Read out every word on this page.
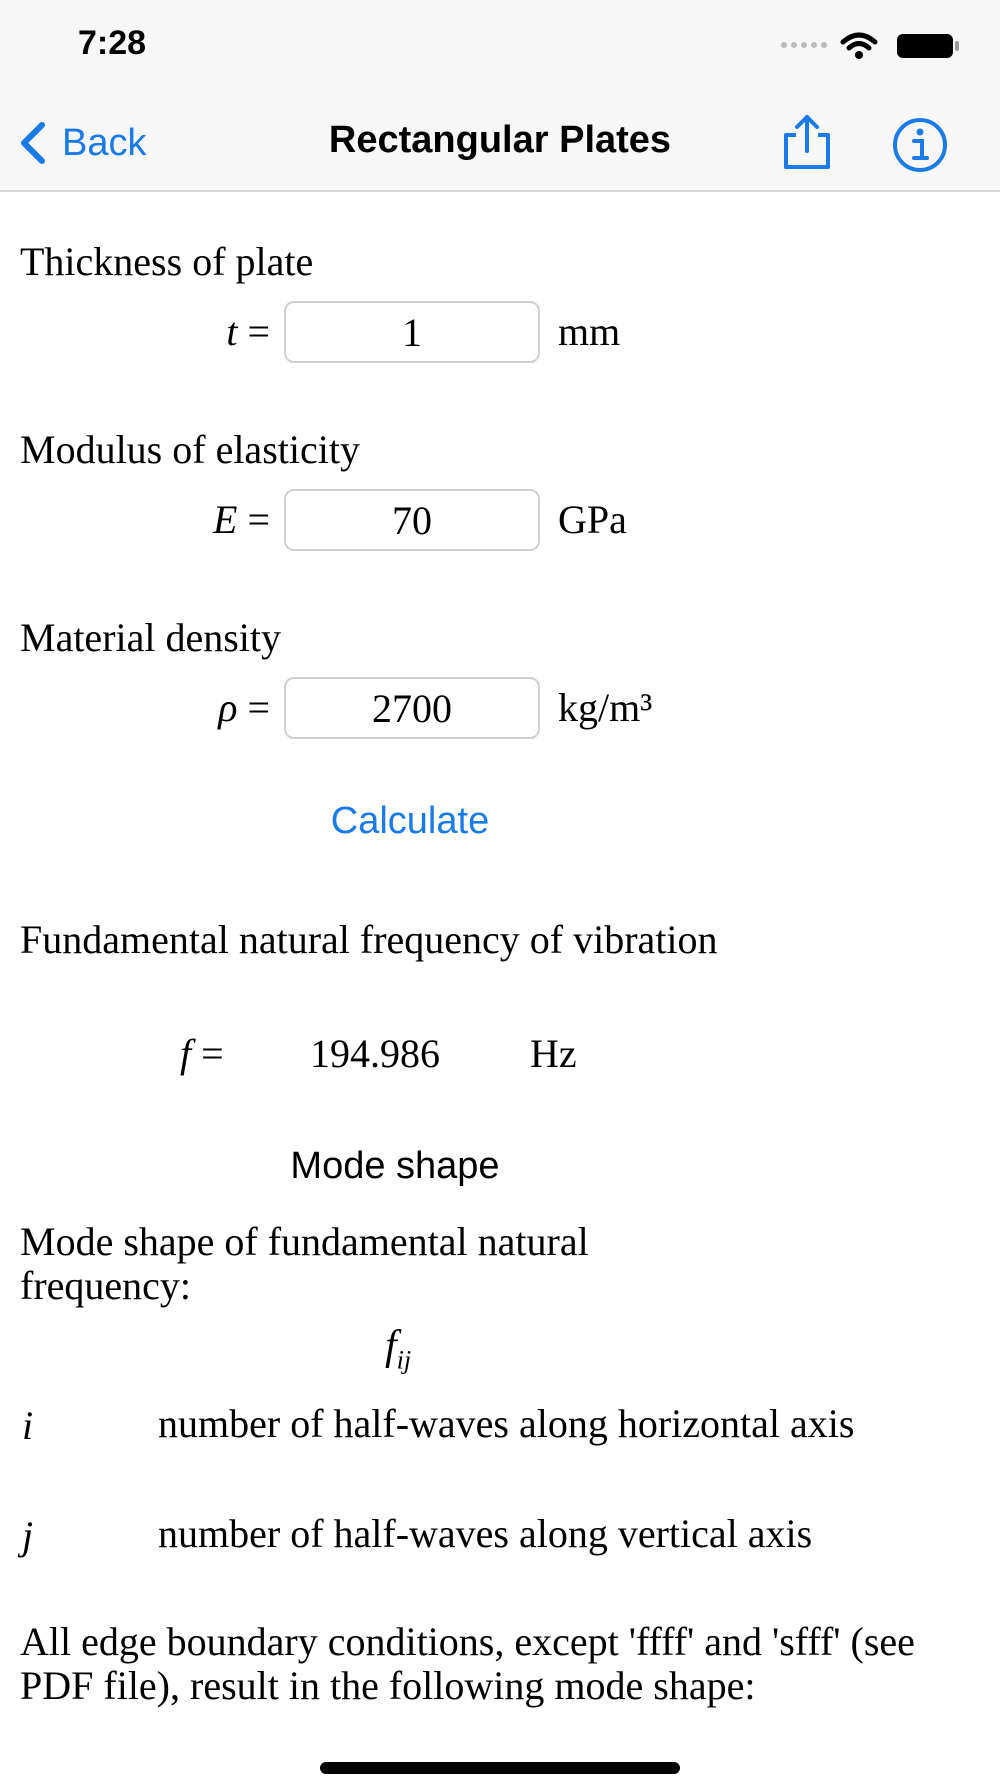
7:28
Back	Rectangular Plates
Thickness of plate
t =
1	mm
Modulus of elasticity
E =
70	GPa
Material density
ρ =
2700	kg/m³
Calculate
Fundamental natural frequency of vibration
f = 194.986 Hz
Mode shape
Mode shape of fundamental natural frequency:
$f_{ij}$
i	number of half-waves along horizontal axis
j	number of half-waves along vertical axis
All edge boundary conditions, except 'ffff' and 'sfff' (see PDF file), result in the following mode shape:
